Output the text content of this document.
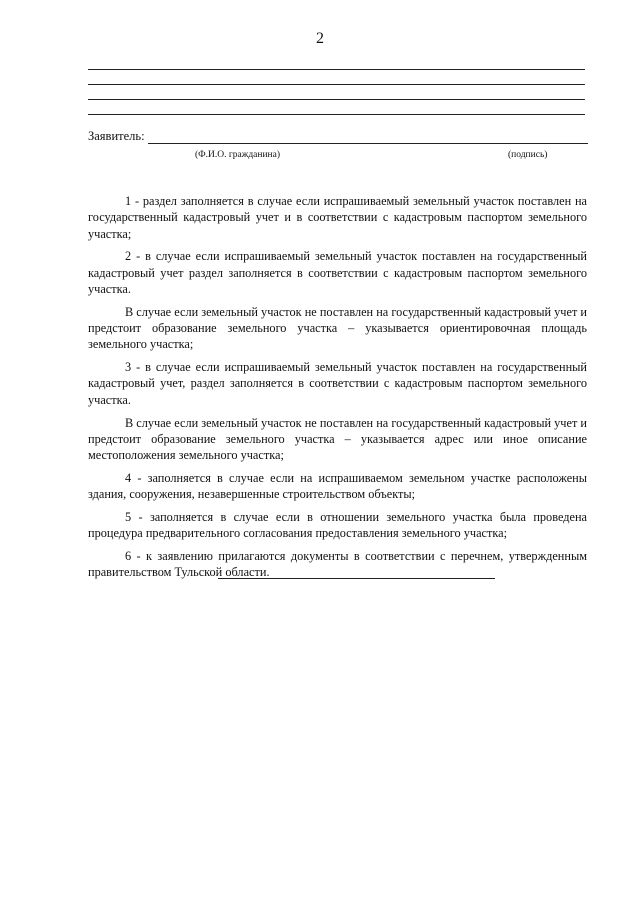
2
Заявитель:
(Ф.И.О. гражданина)	(подпись)

1 - раздел заполняется в случае если испрашиваемый земельный участок поставлен на государственный кадастровый учет и в соответствии с кадастровым паспортом земельного участка;

2 - в случае если испрашиваемый земельный участок поставлен на государственный кадастровый учет раздел заполняется в соответствии с кадастровым паспортом земельного участка.

В случае если земельный участок не поставлен на государственный кадастровый учет и предстоит образование земельного участка – указывается ориентировочная площадь земельного участка;

3 - в случае если испрашиваемый земельный участок поставлен на государственный кадастровый учет, раздел заполняется в соответствии с кадастровым паспортом земельного участка.

В случае если земельный участок не поставлен на государственный кадастровый учет и предстоит образование земельного участка – указывается адрес или иное описание местоположения земельного участка;

4 - заполняется в случае если на испрашиваемом земельном участке расположены здания, сооружения, незавершенные строительством объекты;

5 - заполняется в случае если в отношении земельного участка была проведена процедура предварительного согласования предоставления земельного участка;

6 - к заявлению прилагаются документы в соответствии с перечнем, утвержденным правительством Тульской области.
